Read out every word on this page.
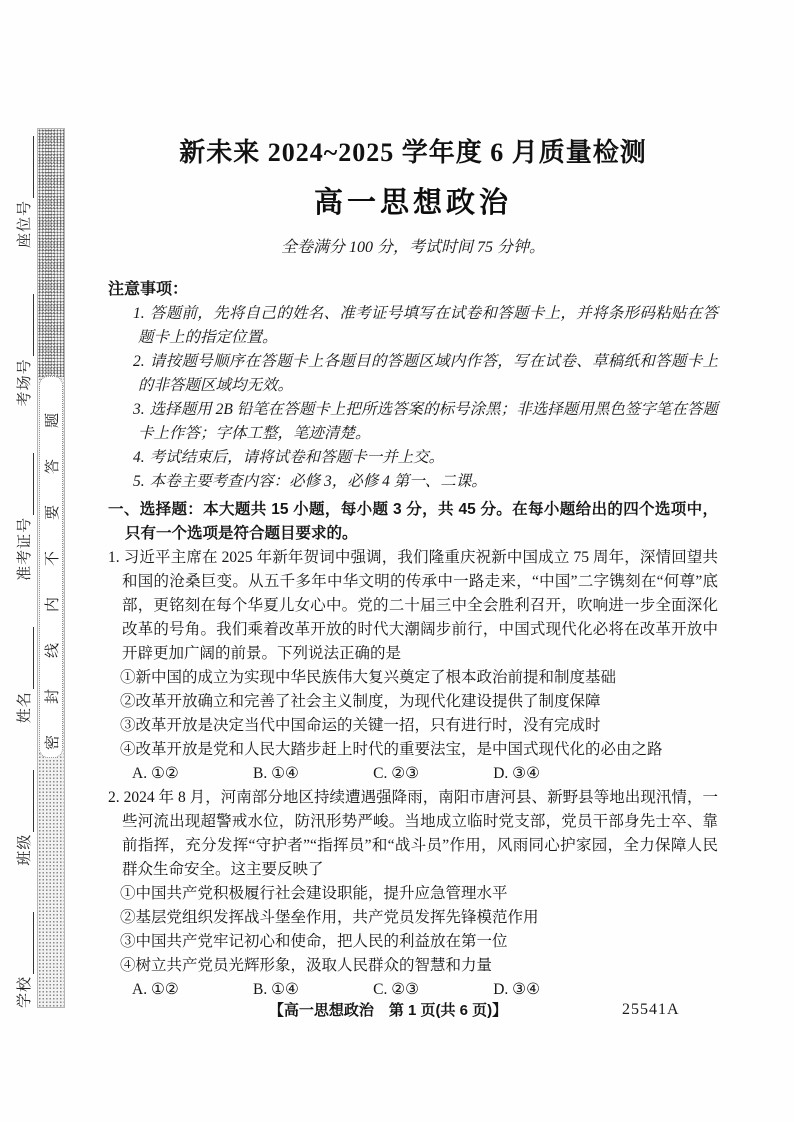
学校
班级
姓名
准考证号
考场号
座位号
密封线内不要答题
新未来 2024~2025 学年度 6 月质量检测
高一思想政治
全卷满分 100 分，考试时间 75 分钟。
注意事项：
1. 答题前，先将自己的姓名、准考证号填写在试卷和答题卡上，并将条形码粘贴在答题卡上的指定位置。
2. 请按题号顺序在答题卡上各题目的答题区域内作答，写在试卷、草稿纸和答题卡上的非答题区域均无效。
3. 选择题用 2B 铅笔在答题卡上把所选答案的标号涂黑；非选择题用黑色签字笔在答题卡上作答；字体工整，笔迹清楚。
4. 考试结束后，请将试卷和答题卡一并上交。
5. 本卷主要考查内容：必修 3，必修 4 第一、二课。
一、选择题：本大题共 15 小题，每小题 3 分，共 45 分。在每小题给出的四个选项中，只有一个选项是符合题目要求的。
1. 习近平主席在 2025 年新年贺词中强调，我们隆重庆祝新中国成立 75 周年，深情回望共和国的沧桑巨变。从五千多年中华文明的传承中一路走来，“中国”二字镌刻在“何尊”底部，更铭刻在每个华夏儿女心中。党的二十届三中全会胜利召开，吹响进一步全面深化改革的号角。我们乘着改革开放的时代大潮阔步前行，中国式现代化必将在改革开放中开辟更加广阔的前景。下列说法正确的是
①新中国的成立为实现中华民族伟大复兴奠定了根本政治前提和制度基础
②改革开放确立和完善了社会主义制度，为现代化建设提供了制度保障
③改革开放是决定当代中国命运的关键一招，只有进行时，没有完成时
④改革开放是党和人民大踏步赶上时代的重要法宝，是中国式现代化的必由之路
A. ①②	B. ①④	C. ②③	D. ③④
2. 2024 年 8 月，河南部分地区持续遭遇强降雨，南阳市唐河县、新野县等地出现汛情，一些河流出现超警戒水位，防汛形势严峻。当地成立临时党支部，党员干部身先士卒、靠前指挥，充分发挥“守护者”“指挥员”和“战斗员”作用，风雨同心护家园，全力保障人民群众生命安全。这主要反映了
①中国共产党积极履行社会建设职能，提升应急管理水平
②基层党组织发挥战斗堡垒作用，共产党员发挥先锋模范作用
③中国共产党牢记初心和使命，把人民的利益放在第一位
④树立共产党员光辉形象，汲取人民群众的智慧和力量
A. ①②	B. ①④	C. ②③	D. ③④
【高一思想政治　第 1 页(共 6 页)】	25541A
